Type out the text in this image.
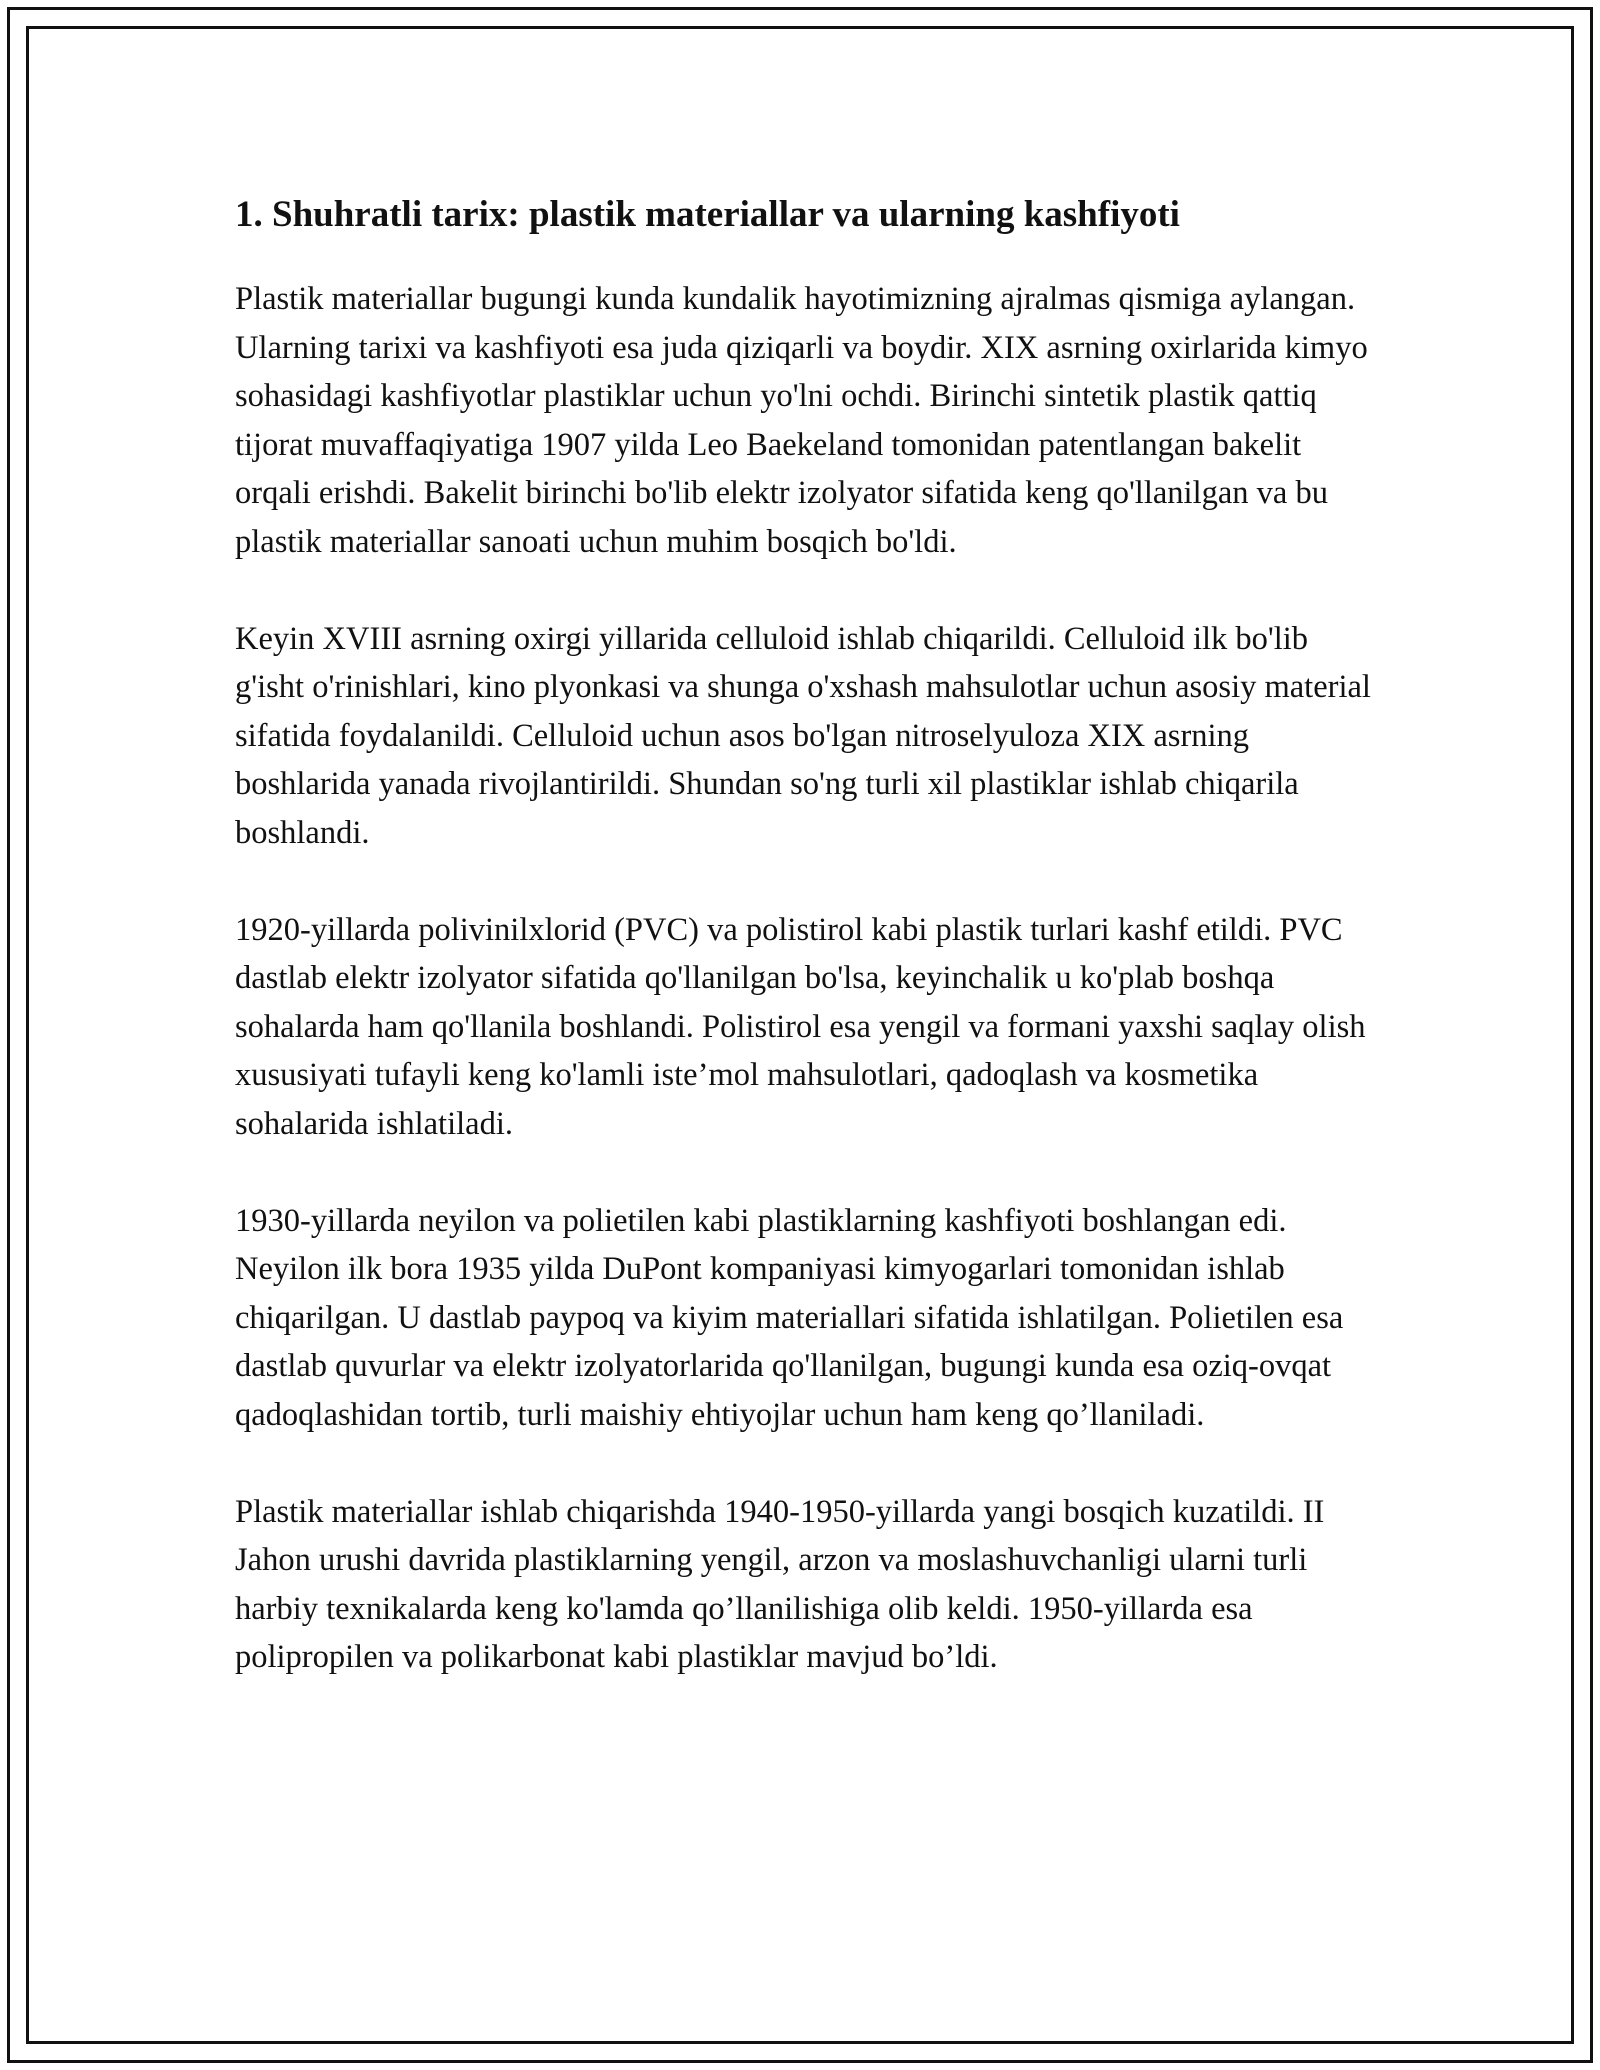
1. Shuhratli tarix: plastik materiallar va ularning kashfiyoti

Plastik materiallar bugungi kunda kundalik hayotimizning ajralmas qismiga aylangan. Ularning tarixi va kashfiyoti esa juda qiziqarli va boydir. XIX asrning oxirlarida kimyo sohasidagi kashfiyotlar plastiklar uchun yo'lni ochdi. Birinchi sintetik plastik qattiq tijorat muvaffaqiyatiga 1907 yilda Leo Baekeland tomonidan patentlangan bakelit orqali erishdi. Bakelit birinchi bo'lib elektr izolyator sifatida keng qo'llanilgan va bu plastik materiallar sanoati uchun muhim bosqich bo'ldi.

Keyin XVIII asrning oxirgi yillarida celluloid ishlab chiqarildi. Celluloid ilk bo'lib g'isht o'rinishlari, kino plyonkasi va shunga o'xshash mahsulotlar uchun asosiy material sifatida foydalanildi. Celluloid uchun asos bo'lgan nitroselyuloza XIX asrning boshlarida yanada rivojlantirildi. Shundan so'ng turli xil plastiklar ishlab chiqarila boshlandi.

1920-yillarda polivinilxlorid (PVC) va polistirol kabi plastik turlari kashf etildi. PVC dastlab elektr izolyator sifatida qo'llanilgan bo'lsa, keyinchalik u ko'plab boshqa sohalarda ham qo'llanila boshlandi. Polistirol esa yengil va formani yaxshi saqlay olish xususiyati tufayli keng ko'lamli iste’mol mahsulotlari, qadoqlash va kosmetika sohalarida ishlatiladi.

1930-yillarda neyilon va polietilen kabi plastiklarning kashfiyoti boshlangan edi. Neyilon ilk bora 1935 yilda DuPont kompaniyasi kimyogarlari tomonidan ishlab chiqarilgan. U dastlab paypoq va kiyim materiallari sifatida ishlatilgan. Polietilen esa dastlab quvurlar va elektr izolyatorlarida qo'llanilgan, bugungi kunda esa oziq-ovqat qadoqlashidan tortib, turli maishiy ehtiyojlar uchun ham keng qo’llaniladi.

Plastik materiallar ishlab chiqarishda 1940-1950-yillarda yangi bosqich kuzatildi. II Jahon urushi davrida plastiklarning yengil, arzon va moslashuvchanligi ularni turli harbiy texnikalarda keng ko'lamda qo’llanilishiga olib keldi. 1950-yillarda esa polipropilen va polikarbonat kabi plastiklar mavjud bo’ldi.
